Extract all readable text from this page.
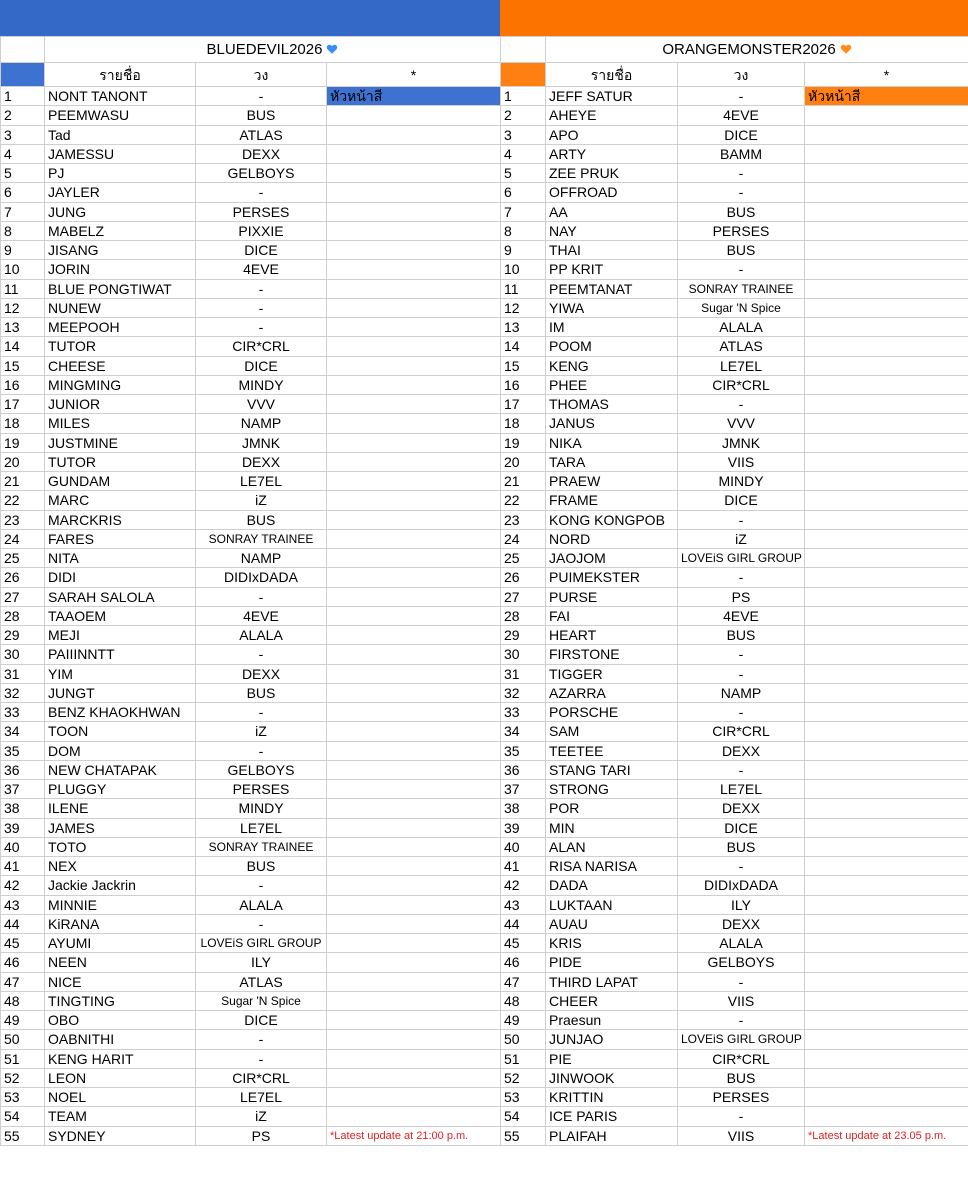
	BLUEDEVIL2026		
	รายชื่อ	วง	*
1	NONT TANONT	-	หัวหน้าสี
2	PEEMWASU	BUS	
3	Tad	ATLAS	
4	JAMESSU	DEXX	
5	PJ	GELBOYS	
6	JAYLER	-	
7	JUNG	PERSES	
8	MABELZ	PIXXIE	
9	JISANG	DICE	
10	JORIN	4EVE	
11	BLUE PONGTIWAT	-	
12	NUNEW	-	
13	MEEPOOH	-	
14	TUTOR	CIR*CRL	
15	CHEESE	DICE	
16	MINGMING	MINDY	
17	JUNIOR	VVV	
18	MILES	NAMP	
19	JUSTMINE	JMNK	
20	TUTOR	DEXX	
21	GUNDAM	LE7EL	
22	MARC	iZ	
23	MARCKRIS	BUS	
24	FARES	SONRAY TRAINEE	
25	NITA	NAMP	
26	DIDI	DIDIxDADA	
27	SARAH SALOLA	-	
28	TAAOEM	4EVE	
29	MEJI	ALALA	
30	PAIIINNTT	-	
31	YIM	DEXX	
32	JUNGT	BUS	
33	BENZ KHAOKHWAN	-	
34	TOON	iZ	
35	DOM	-	
36	NEW CHATAPAK	GELBOYS	
37	PLUGGY	PERSES	
38	ILENE	MINDY	
39	JAMES	LE7EL	
40	TOTO	SONRAY TRAINEE	
41	NEX	BUS	
42	Jackie Jackrin	-	
43	MINNIE	ALALA	
44	KiRANA	-	
45	AYUMI	LOVEiS GIRL GROUP	
46	NEEN	ILY	
47	NICE	ATLAS	
48	TINGTING	Sugar 'N Spice	
49	OBO	DICE	
50	OABNITHI	-	
51	KENG HARIT	-	
52	LEON	CIR*CRL	
53	NOEL	LE7EL	
54	TEAM	iZ	
55	SYDNEY	PS	*Latest update at 21:00 p.m.
	ORANGEMONSTER2026		
	รายชื่อ	วง	*
1	JEFF SATUR	-	หัวหน้าสี
2	AHEYE	4EVE	
3	APO	DICE	
4	ARTY	BAMM	
5	ZEE PRUK	-	
6	OFFROAD	-	
7	AA	BUS	
8	NAY	PERSES	
9	THAI	BUS	
10	PP KRIT	-	
11	PEEMTANAT	SONRAY TRAINEE	
12	YIWA	Sugar 'N Spice	
13	IM	ALALA	
14	POOM	ATLAS	
15	KENG	LE7EL	
16	PHEE	CIR*CRL	
17	THOMAS	-	
18	JANUS	VVV	
19	NIKA	JMNK	
20	TARA	VIIS	
21	PRAEW	MINDY	
22	FRAME	DICE	
23	KONG KONGPOB	-	
24	NORD	iZ	
25	JAOJOM	LOVEiS GIRL GROUP	
26	PUIMEKSTER	-	
27	PURSE	PS	
28	FAI	4EVE	
29	HEART	BUS	
30	FIRSTONE	-	
31	TIGGER	-	
32	AZARRA	NAMP	
33	PORSCHE	-	
34	SAM	CIR*CRL	
35	TEETEE	DEXX	
36	STANG TARI	-	
37	STRONG	LE7EL	
38	POR	DEXX	
39	MIN	DICE	
40	ALAN	BUS	
41	RISA NARISA	-	
42	DADA	DIDIxDADA	
43	LUKTAAN	ILY	
44	AUAU	DEXX	
45	KRIS	ALALA	
46	PIDE	GELBOYS	
47	THIRD LAPAT	-	
48	CHEER	VIIS	
49	Praesun	-	
50	JUNJAO	LOVEiS GIRL GROUP	
51	PIE	CIR*CRL	
52	JINWOOK	BUS	
53	KRITTIN	PERSES	
54	ICE PARIS	-	
55	PLAIFAH	VIIS	*Latest update at 23.05 p.m.
